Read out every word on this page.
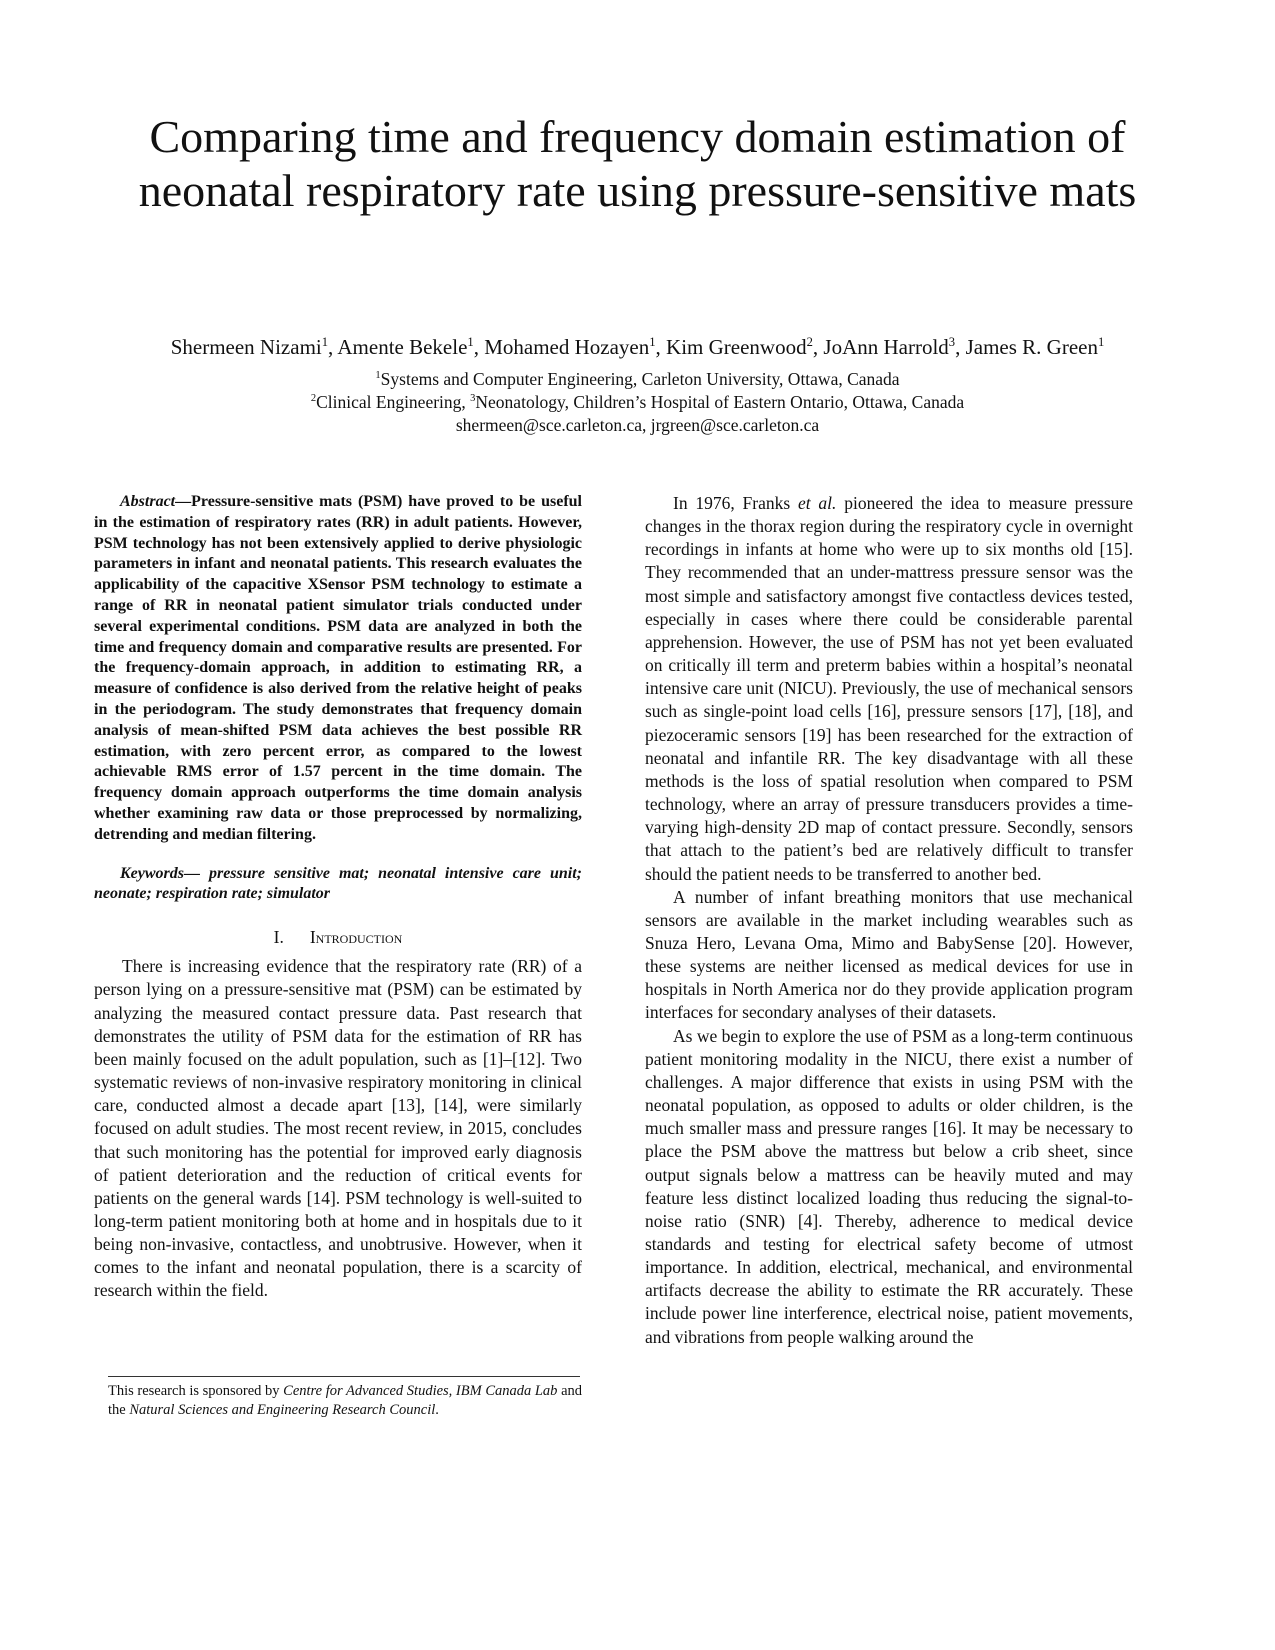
Comparing time and frequency domain estimation of neonatal respiratory rate using pressure-sensitive mats
Shermeen Nizami$^1$, Amente Bekele$^1$, Mohamed Hozayen$^1$, Kim Greenwood$^2$, JoAnn Harrold$^3$, James R. Green$^1$
$^1$Systems and Computer Engineering, Carleton University, Ottawa, Canada
$^2$Clinical Engineering, $^3$Neonatology, Children’s Hospital of Eastern Ontario, Ottawa, Canada
shermeen@sce.carleton.ca, jrgreen@sce.carleton.ca

Abstract—Pressure-sensitive mats (PSM) have proved to be useful in the estimation of respiratory rates (RR) in adult patients. However, PSM technology has not been extensively applied to derive physiologic parameters in infant and neonatal patients. This research evaluates the applicability of the capacitive XSensor PSM technology to estimate a range of RR in neonatal patient simulator trials conducted under several experimental conditions. PSM data are analyzed in both the time and frequency domain and comparative results are presented. For the frequency-domain approach, in addition to estimating RR, a measure of confidence is also derived from the relative height of peaks in the periodogram. The study demonstrates that frequency domain analysis of mean-shifted PSM data achieves the best possible RR estimation, with zero percent error, as compared to the lowest achievable RMS error of 1.57 percent in the time domain. The frequency domain approach outperforms the time domain analysis whether examining raw data or those preprocessed by normalizing, detrending and median filtering.

Keywords— pressure sensitive mat; neonatal intensive care unit; neonate; respiration rate; simulator

I. Introduction

There is increasing evidence that the respiratory rate (RR) of a person lying on a pressure-sensitive mat (PSM) can be estimated by analyzing the measured contact pressure data. Past research that demonstrates the utility of PSM data for the estimation of RR has been mainly focused on the adult population, such as [1]–[12]. Two systematic reviews of non-invasive respiratory monitoring in clinical care, conducted almost a decade apart [13], [14], were similarly focused on adult studies. The most recent review, in 2015, concludes that such monitoring has the potential for improved early diagnosis of patient deterioration and the reduction of critical events for patients on the general wards [14]. PSM technology is well-suited to long-term patient monitoring both at home and in hospitals due to it being non-invasive, contactless, and unobtrusive. However, when it comes to the infant and neonatal population, there is a scarcity of research within the field.

In 1976, Franks et al. pioneered the idea to measure pressure changes in the thorax region during the respiratory cycle in overnight recordings in infants at home who were up to six months old [15]. They recommended that an under-mattress pressure sensor was the most simple and satisfactory amongst five contactless devices tested, especially in cases where there could be considerable parental apprehension. However, the use of PSM has not yet been evaluated on critically ill term and preterm babies within a hospital’s neonatal intensive care unit (NICU). Previously, the use of mechanical sensors such as single-point load cells [16], pressure sensors [17], [18], and piezoceramic sensors [19] has been researched for the extraction of neonatal and infantile RR. The key disadvantage with all these methods is the loss of spatial resolution when compared to PSM technology, where an array of pressure transducers provides a time-varying high-density 2D map of contact pressure. Secondly, sensors that attach to the patient’s bed are relatively difficult to transfer should the patient needs to be transferred to another bed.

A number of infant breathing monitors that use mechanical sensors are available in the market including wearables such as Snuza Hero, Levana Oma, Mimo and BabySense [20]. However, these systems are neither licensed as medical devices for use in hospitals in North America nor do they provide application program interfaces for secondary analyses of their datasets.

As we begin to explore the use of PSM as a long-term continuous patient monitoring modality in the NICU, there exist a number of challenges. A major difference that exists in using PSM with the neonatal population, as opposed to adults or older children, is the much smaller mass and pressure ranges [16]. It may be necessary to place the PSM above the mattress but below a crib sheet, since output signals below a mattress can be heavily muted and may feature less distinct localized loading thus reducing the signal-to-noise ratio (SNR) [4]. Thereby, adherence to medical device standards and testing for electrical safety become of utmost importance. In addition, electrical, mechanical, and environmental artifacts decrease the ability to estimate the RR accurately. These include power line interference, electrical noise, patient movements, and vibrations from people walking around the

This research is sponsored by Centre for Advanced Studies, IBM Canada Lab and the Natural Sciences and Engineering Research Council.
